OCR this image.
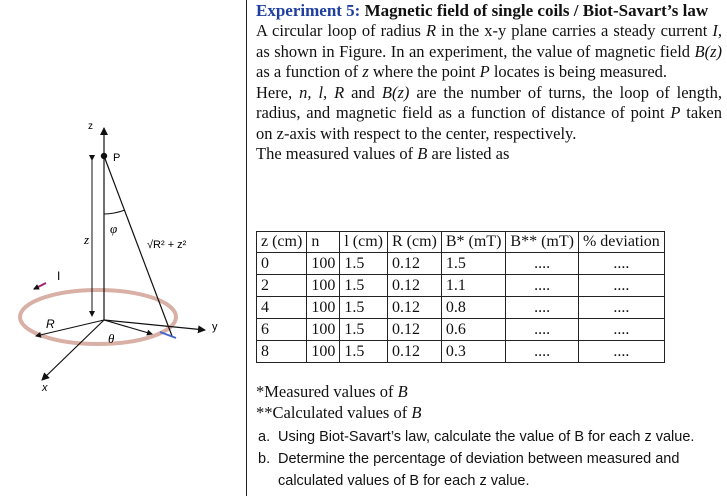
z
P
z
φ
√R² + z²
I
R
θ
y
x
Experiment 5: Magnetic field of single coils / Biot-Savart’s law

A circular loop of radius R in the x-y plane carries a steady current I, as shown in Figure. In an experiment, the value of magnetic field B(z) as a function of z where the point P locates is being measured.

Here, n, l, R and B(z) are the number of turns, the loop of length, radius, and magnetic field as a function of distance of point P taken on z-axis with respect to the center, respectively.

The measured values of B are listed as

z (cm)	n	l (cm)	R (cm)	B* (mT)	B** (mT)	% deviation
0	100	1.5	0.12	1.5	....	....
2	100	1.5	0.12	1.1	....	....
4	100	1.5	0.12	0.8	....	....
6	100	1.5	0.12	0.6	....	....
8	100	1.5	0.12	0.3	....	....
*Measured values of B
**Calculated values of B
a. Using Biot-Savart’s law, calculate the value of B for each z value.
b. Determine the percentage of deviation between measured and calculated values of B for each z value.
